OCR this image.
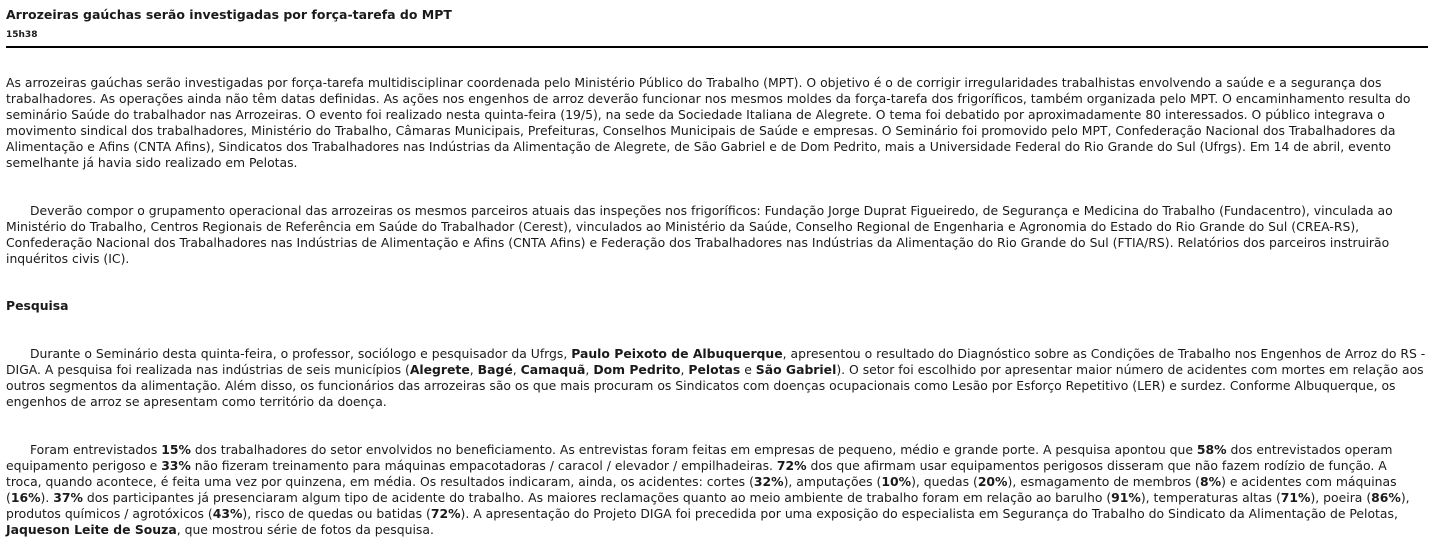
Arrozeiras gaúchas serão investigadas por força-tarefa do MPT
15h38

As arrozeiras gaúchas serão investigadas por força-tarefa multidisciplinar coordenada pelo Ministério Público do Trabalho (MPT). O objetivo é o de corrigir irregularidades trabalhistas envolvendo a saúde e a segurança dos trabalhadores. As operações ainda não têm datas definidas. As ações nos engenhos de arroz deverão funcionar nos mesmos moldes da força-tarefa dos frigoríficos, também organizada pelo MPT. O encaminhamento resulta do seminário Saúde do trabalhador nas Arrozeiras. O evento foi realizado nesta quinta-feira (19/5), na sede da Sociedade Italiana de Alegrete. O tema foi debatido por aproximadamente 80 interessados. O público integrava o movimento sindical dos trabalhadores, Ministério do Trabalho, Câmaras Municipais, Prefeituras, Conselhos Municipais de Saúde e empresas. O Seminário foi promovido pelo MPT, Confederação Nacional dos Trabalhadores da Alimentação e Afins (CNTA Afins), Sindicatos dos Trabalhadores nas Indústrias da Alimentação de Alegrete, de São Gabriel e de Dom Pedrito, mais a Universidade Federal do Rio Grande do Sul (Ufrgs). Em 14 de abril, evento semelhante já havia sido realizado em Pelotas.

Deverão compor o grupamento operacional das arrozeiras os mesmos parceiros atuais das inspeções nos frigoríficos: Fundação Jorge Duprat Figueiredo, de Segurança e Medicina do Trabalho (Fundacentro), vinculada ao Ministério do Trabalho, Centros Regionais de Referência em Saúde do Trabalhador (Cerest), vinculados ao Ministério da Saúde, Conselho Regional de Engenharia e Agronomia do Estado do Rio Grande do Sul (CREA-RS), Confederação Nacional dos Trabalhadores nas Indústrias de Alimentação e Afins (CNTA Afins) e Federação dos Trabalhadores nas Indústrias da Alimentação do Rio Grande do Sul (FTIA/RS). Relatórios dos parceiros instruirão inquéritos civis (IC).

Pesquisa

Durante o Seminário desta quinta-feira, o professor, sociólogo e pesquisador da Ufrgs, Paulo Peixoto de Albuquerque, apresentou o resultado do Diagnóstico sobre as Condições de Trabalho nos Engenhos de Arroz do RS - DIGA. A pesquisa foi realizada nas indústrias de seis municípios (Alegrete, Bagé, Camaquã, Dom Pedrito, Pelotas e São Gabriel). O setor foi escolhido por apresentar maior número de acidentes com mortes em relação aos outros segmentos da alimentação. Além disso, os funcionários das arrozeiras são os que mais procuram os Sindicatos com doenças ocupacionais como Lesão por Esforço Repetitivo (LER) e surdez. Conforme Albuquerque, os engenhos de arroz se apresentam como território da doença.

Foram entrevistados 15% dos trabalhadores do setor envolvidos no beneficiamento. As entrevistas foram feitas em empresas de pequeno, médio e grande porte. A pesquisa apontou que 58% dos entrevistados operam equipamento perigoso e 33% não fizeram treinamento para máquinas empacotadoras / caracol / elevador / empilhadeiras. 72% dos que afirmam usar equipamentos perigosos disseram que não fazem rodízio de função. A troca, quando acontece, é feita uma vez por quinzena, em média. Os resultados indicaram, ainda, os acidentes: cortes (32%), amputações (10%), quedas (20%), esmagamento de membros (8%) e acidentes com máquinas (16%). 37% dos participantes já presenciaram algum tipo de acidente do trabalho. As maiores reclamações quanto ao meio ambiente de trabalho foram em relação ao barulho (91%), temperaturas altas (71%), poeira (86%), produtos químicos / agrotóxicos (43%), risco de quedas ou batidas (72%). A apresentação do Projeto DIGA foi precedida por uma exposição do especialista em Segurança do Trabalho do Sindicato da Alimentação de Pelotas, Jaqueson Leite de Souza, que mostrou série de fotos da pesquisa.
